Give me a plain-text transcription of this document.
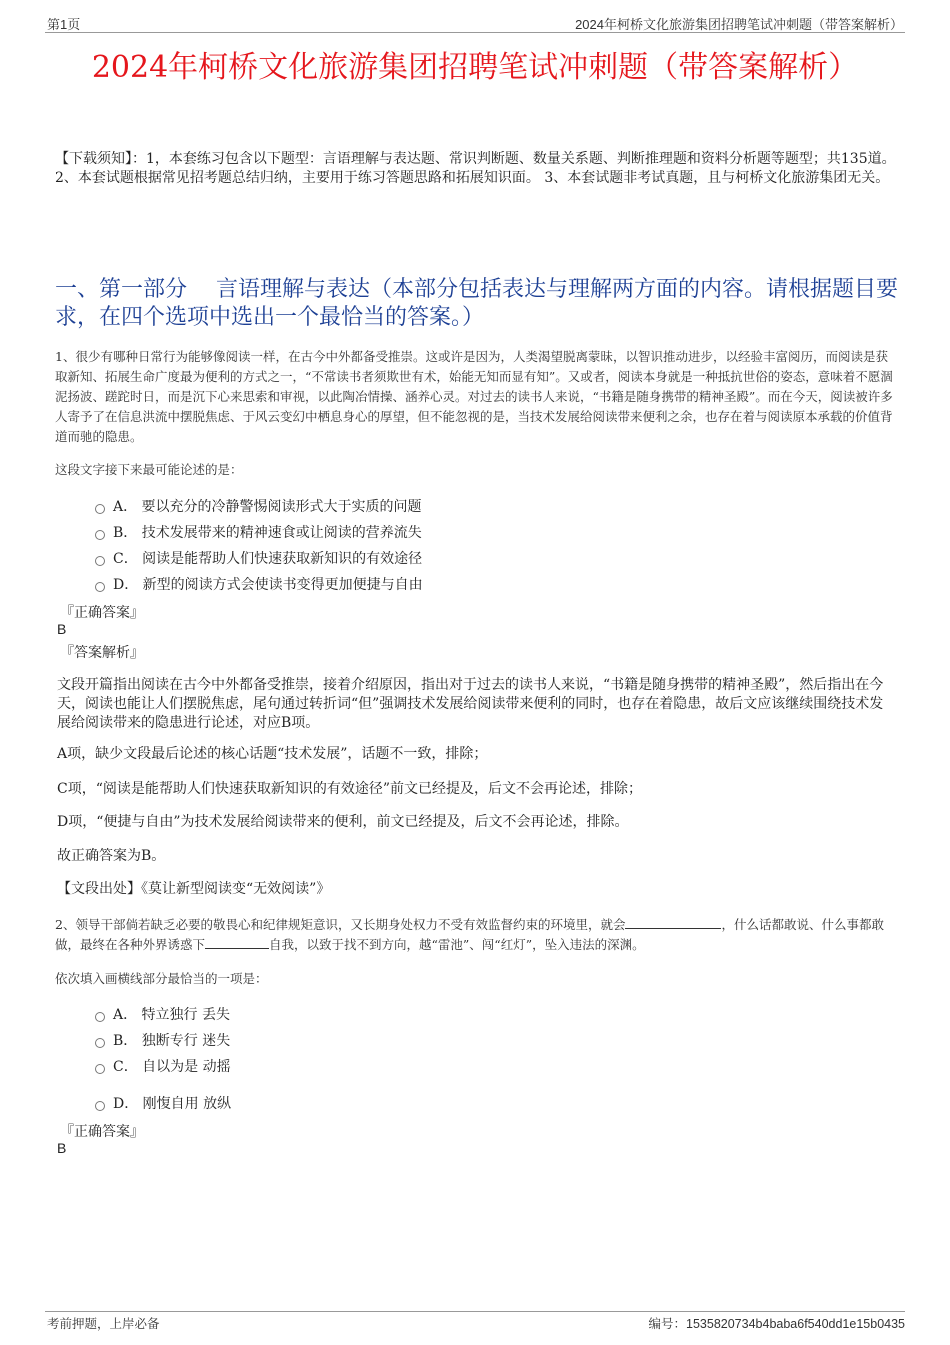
第1页	2024年柯桥文化旅游集团招聘笔试冲刺题（带答案解析）
2024年柯桥文化旅游集团招聘笔试冲刺题（带答案解析）
【下载须知】：1，本套练习包含以下题型：言语理解与表达题、常识判断题、数量关系题、判断推理题和资料分析题等题型；共135道。 2、本套试题根据常见招考题总结归纳，主要用于练习答题思路和拓展知识面。 3、本套试题非考试真题，且与柯桥文化旅游集团无关。
一、第一部分　 言语理解与表达（本部分包括表达与理解两方面的内容。请根据题目要求，在四个选项中选出一个最恰当的答案。）
1、很少有哪种日常行为能够像阅读一样，在古今中外都备受推崇。这或许是因为，人类渴望脱离蒙昧，以智识推动进步，以经验丰富阅历，而阅读是获取新知、拓展生命广度最为便利的方式之一，“不常读书者须欺世有术，始能无知而显有知”。又或者，阅读本身就是一种抵抗世俗的姿态，意味着不愿涸泥扬波、蹉跎时日，而是沉下心来思索和审视，以此陶冶情操、涵养心灵。对过去的读书人来说，“书籍是随身携带的精神圣殿”。而在今天，阅读被许多人寄予了在信息洪流中摆脱焦虑、于风云变幻中栖息身心的厚望，但不能忽视的是，当技术发展给阅读带来便利之余，也存在着与阅读原本承载的价值背道而驰的隐患。
这段文字接下来最可能论述的是：
A． 要以充分的冷静警惕阅读形式大于实质的问题
B． 技术发展带来的精神速食或让阅读的营养流失
C． 阅读是能帮助人们快速获取新知识的有效途径
D． 新型的阅读方式会使读书变得更加便捷与自由
『正确答案』
B
『答案解析』
文段开篇指出阅读在古今中外都备受推崇，接着介绍原因，指出对于过去的读书人来说，“书籍是随身携带的精神圣殿”，然后指出在今天，阅读也能让人们摆脱焦虑，尾句通过转折词“但”强调技术发展给阅读带来便利的同时，也存在着隐患，故后文应该继续围绕技术发展给阅读带来的隐患进行论述，对应B项。
A项，缺少文段最后论述的核心话题“技术发展”，话题不一致，排除；
C项，“阅读是能帮助人们快速获取新知识的有效途径”前文已经提及，后文不会再论述，排除；
D项，“便捷与自由”为技术发展给阅读带来的便利，前文已经提及，后文不会再论述，排除。
故正确答案为B。
【文段出处】《莫让新型阅读变“无效阅读”》
2、领导干部倘若缺乏必要的敬畏心和纪律规矩意识，又长期身处权力不受有效监督约束的环境里，就会	，什么话都敢说、什么事都敢做，最终在各种外界诱惑下	自我，以致于找不到方向，越“雷池”、闯“红灯”，坠入违法的深渊。
依次填入画横线部分最恰当的一项是：
A． 特立独行 丢失
B． 独断专行 迷失
C． 自以为是 动摇
D． 刚愎自用 放纵
『正确答案』
B
考前押题，上岸必备	编号：1535820734b4baba6f540dd1e15b0435
